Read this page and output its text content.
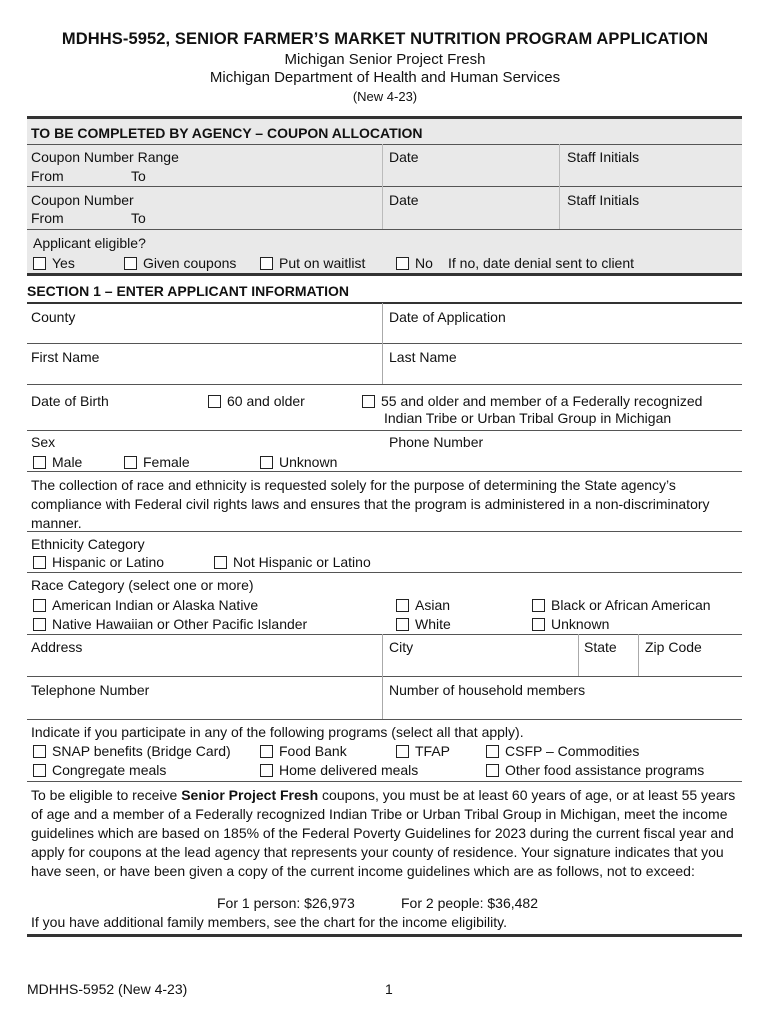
MDHHS-5952, SENIOR FARMER’S MARKET NUTRITION PROGRAM APPLICATION
Michigan Senior Project Fresh
Michigan Department of Health and Human Services
(New 4-23)
TO BE COMPLETED BY AGENCY – COUPON ALLOCATION
Coupon Number Range
From	To
Date	Staff Initials
Coupon Number
From	To
Date	Staff Initials
Applicant eligible?
Yes	Given coupons	Put on waitlist	No If no, date denial sent to client
SECTION 1 – ENTER APPLICANT INFORMATION
County	Date of Application
First Name	Last Name
Date of Birth	60 and older	55 and older and member of a Federally recognized
Indian Tribe or Urban Tribal Group in Michigan
Sex
Male	Female	Unknown
Phone Number
The collection of race and ethnicity is requested solely for the purpose of determining the State agency’s compliance with Federal civil rights laws and ensures that the program is administered in a non-discriminatory manner.
Ethnicity Category
Hispanic or Latino	Not Hispanic or Latino
Race Category (select one or more)
American Indian or Alaska Native	Asian	Black or African American
Native Hawaiian or Other Pacific Islander	White	Unknown
Address	City	State Zip Code
Telephone Number	Number of household members
Indicate if you participate in any of the following programs (select all that apply).
SNAP benefits (Bridge Card)	Food Bank	TFAP	CSFP – Commodities
Congregate meals	Home delivered meals	Other food assistance programs
To be eligible to receive Senior Project Fresh coupons, you must be at least 60 years of age, or at least 55 years of age and a member of a Federally recognized Indian Tribe or Urban Tribal Group in Michigan, meet the income guidelines which are based on 185% of the Federal Poverty Guidelines for 2023 during the current fiscal year and apply for coupons at the lead agency that represents your county of residence. Your signature indicates that you have seen, or have been given a copy of the current income guidelines which are as follows, not to exceed:
For 1 person: $26,973	For 2 people: $36,482
If you have additional family members, see the chart for the income eligibility.
MDHHS-5952 (New 4-23)	1
